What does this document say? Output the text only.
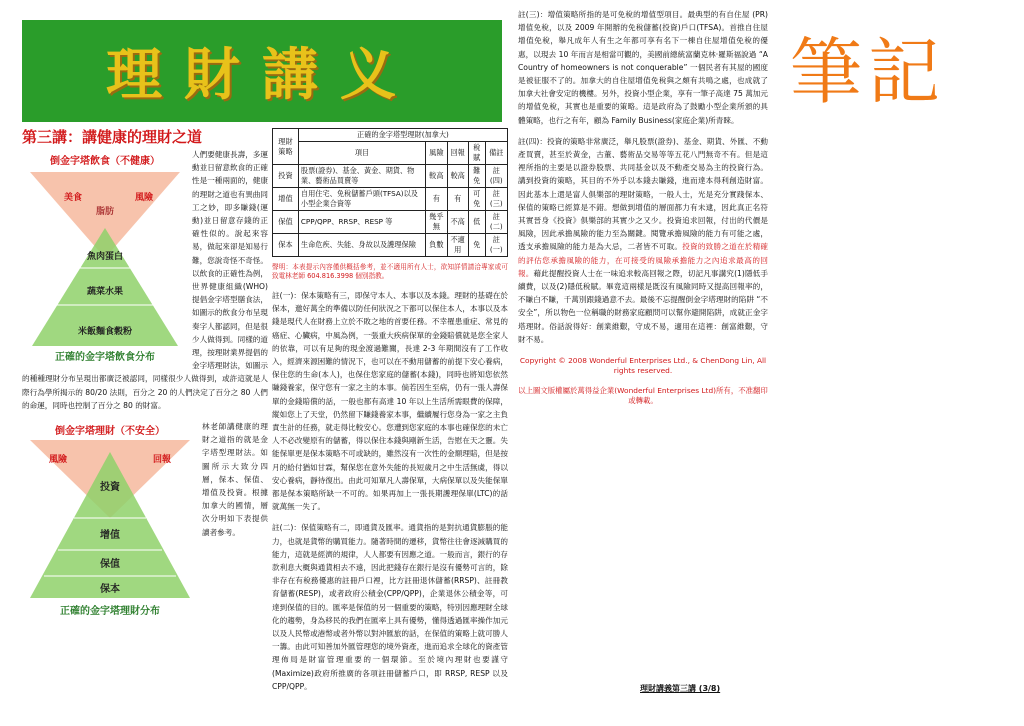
理財講义	筆記
第三講：講健康的理財之道
倒金字塔飲食（不健康）
美食
脂肪
風險
魚肉蛋白
蔬菜水果
米飯麵食穀粉
正確的金字塔飲食分布
人們要健康長壽，多運動並日留意飲食的正確性是一種兩面的，健康的理財之道也有異曲同工之妙，即多賺錢(運動)並日留意存錢的正確性似的。說起來容易，做起來卻是知易行難，您說奇怪不奇怪。以飲食的正確性為例，世界健康組織(WHO)提倡金字塔型膳食法，如圖示的飲食分布呈現奏字人都認同，但是很少人做得到。同樣的道理，按理財業界提倡的金字塔理財法，如圖示的種種理財分布呈現出都廣泛被認同，同樣很少人做得到，或許這就是人際行為學所揭示的 80/20 法則，百分之 20 的人們決定了百分之 80 人們的命運，同時也控制了百分之 80 的財富。
倒金字塔理財（不安全）
風險
投資
回報
增值
保值
保本
正確的金字塔理財分布
林老師講健康的理財之道指的就是金字塔型理財法。如圖所示大致分四層，保本、保值、增值及投資。根據加拿大的國情，層次分明如下表提供讀者參考。
理財策略	正確的金字塔型理財(加拿大)				
	項目	風險	回報	稅賦	備註
投資	股票(證券)、基金、黃金、期貨、物業、藝術品買賣等	較高	較高	難免	註(四)
增值	自用住宅、免稅儲蓄戶頭(TFSA)以及小型企業合資等	有	有	可免	註(三)
保值	CPP/QPP、RRSP、RESP 等	幾乎無	不高	低	註(二)
保本	生命危疾、失能、身故以及護理保險	負數	不適用	免	註(一)
聲明：本表提示內容僅供概括參考，並不適用所有人士，欲知詳情請洽專家或可致電林老師 604.816.3998 個別指教。
註(一)：保本策略有三，即保守本人、本事以及本錢。理財的基礎在於保本，邀好萬全的準備以防任何狀況之下都可以保住本人，本事以及本錢是現代人在財務上立於不敗之地的首要任務。不幸罹患重症、常見的癌症、心臟病，中風為例，一張重大疾病保單的金錢賠償就是您全家人的依靠，可以有足夠的現金渡過難關，長達 2-3 年期間沒有了工作收入，經濟來源困難的情況下，也可以在不動用儲蓄的前提下安心養病，保住您的生命(本人)，也保住您家庭的儲蓄(本錢)，同時也將知您依然賺錢養家，保守您有一家之主的本事。倘若因生至病，仍有一張人壽保單的金錢賠償的話，一般也都有高達 10 年以上生活所需眼費的保障，縱如您上了天堂，仍然留下賺錢養家本事，繼續履行您身為一家之主負責生計的任務，就走得比較安心。您遭到您家庭的本事也確保您的未亡人不必改變原有的儲蓄，得以保住本錢與剛新生活，告慰在天之靈。失能保單更是保本策略不可或缺的，雖然沒有一次性的金額理賠，但是按月的給付猶如甘霖，幫保您在意外失能的長短歲月之中生活無虞，得以安心養病，靜待復出。由此可知單凡人壽保單，大病保單以及失能保單都是保本策略所缺一不可的。如果再加上一張長期護理保單(LTC)的話就萬無一失了。
註(二)：保值策略有二，即通貨及匯率。通貨指的是對抗通貨膨脹的能力，也就是貨幣的購買能力。隨著時間的遷移，貨幣往往會逐減購買的能力，這就是經濟的規律，人人都要有因應之道。一般而言，銀行的存款利息大概與通貨相去不遠，因此把錢存在銀行是沒有優勢可言的，除非存在有稅務優惠的註冊戶口裡，比方註冊退休儲蓄(RRSP)、註冊教育儲蓄(RESP)，或者政府公積金(CPP/QPP)，企業退休公積金等，可達到保值的目的。匯率是保值的另一個重要的策略，特別因應理財全球化的趨勢，身為移民的我們在匯率上具有優勢，懂得透過匯率操作加元以及人民幣或港幣或者外幣以對沖匯旅的話，在保值的策略上就可勝人一籌。由此可知善加外匯管理您的境外資產，進而追求全球化的資產管理佈局是財富管理重要的一個環節。至於境內理財也要謹守(Maximize)政府所推廣的各項註冊儲蓄戶口，即 RRSP, RESP 以及 CPP/QPP。
註(三)：增值策略所指的是可免稅的增值型項目。最典型的有自住屋 (PR)增值免稅，以及 2009 年開辦的免稅儲蓄(投資)戶口(TFSA)。首推自住屋增值免稅，舉凡成年人有生之年都可享有名下一棟自住屋增值免稅的優惠，以現去 10 年而言是相當可觀的，美國前總統富蘭克林‧羅斯福說過 “A Country of homeowners is not conquerable” 一個民者有其屋的國度是被征服不了的。加拿大的自住屋增值免稅與之頗有共鳴之處，也成就了加拿大社會安定的機樓。另外，投資小型企業，享有一筆子高達 75 萬加元的增值免稅，其實也是重要的策略。這是政府為了鼓勵小型企業所頒的具體策略，也行之有年，顧為 Family Business(家庭企業)所青睞。
註(四)：投資的策略非常廣泛，舉凡股票(證券)、基金、期貨、外匯、不動產買賣，甚至於黃金，古董、藝術品交易等等五花八門無奇不有。但是這裡所指的主要是以證券股票、共同基金以及不動產交易為主的投資行為。講到投資的策略，其目的不外乎以本錢去賺錢，進而達本得利創造財富。因此基本上還是富人俱樂部的理財策略，一般人士，光是充分實踐保本、保值的策略已經算是不錯。想做到增值的層面都力有未逮，因此真正名符其實晉身《投資》俱樂部的其實少之又少。投資追求回報，付出的代價是風險，因此承擔風險的能力至為關鍵。閱覽承擔風險的能力有可能之處，透支承擔風險的能力是為大忌，二者皆不可取。投資的致勝之道在於精確的評估您承擔風險的能力，在可接受的風險承擔能力之內追求最高的回報。藉此提醒投資人士在一味追求較高回報之際，切記凡事講究(1)隱低手續費，以及(2)隱低稅賦。畢竟這兩樣是既沒有風險同時又提高回報率的，不賺白不賺，千萬別跟錢過意不去。最後不忘提醒倒金字塔理財的陷阱 “不安全”，所以物色一位稱職的財務家庭顧問可以幫你避開陷阱，成就正金字塔理財。俗話說得好：創業維艱，守成不易，適用在這裡：創富維艱，守財不易。
Copyright © 2008 Wonderful Enterprises Ltd., & ChenDong Lin, All rights reserved.
以上圖文版權屬於萬得益企業(Wonderful Enterprises Ltd)所有，不准翻印或轉載。
理財講義第三講 (3/8)
